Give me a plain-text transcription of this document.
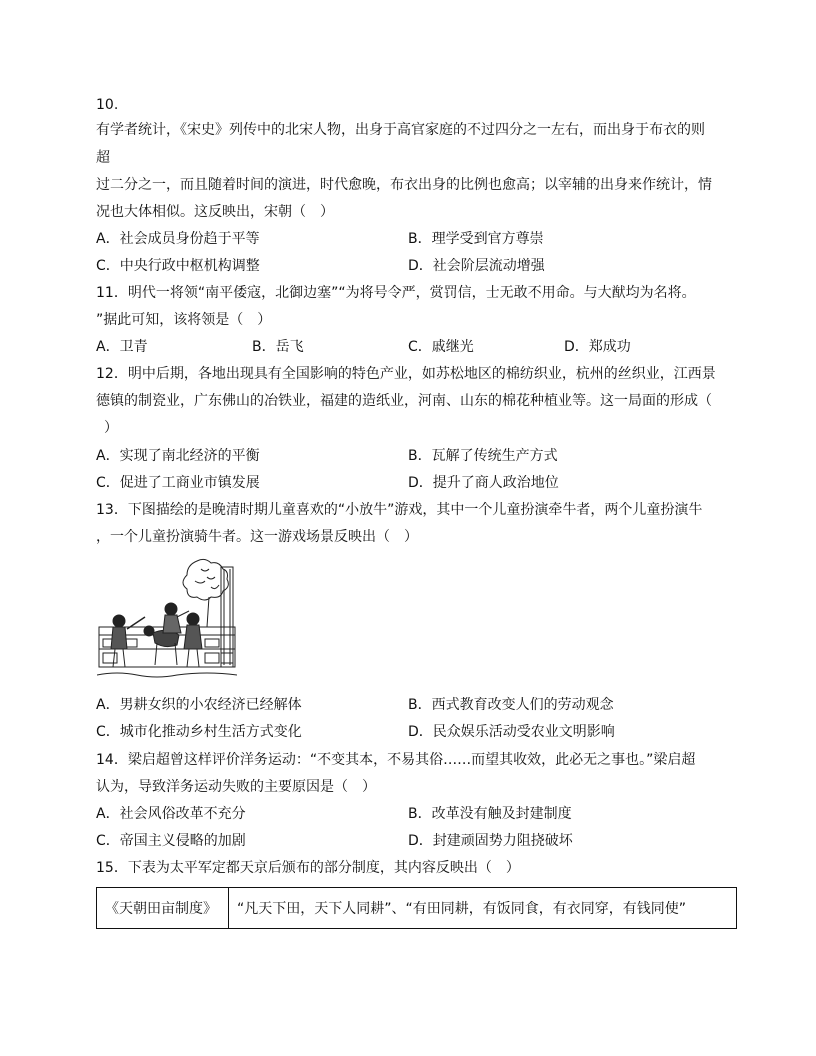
10.
有学者统计，《宋史》列传中的北宋人物，出身于高官家庭的不过四分之一左右，而出身于布衣的则
超
过二分之一，而且随着时间的演进，时代愈晚，布衣出身的比例也愈高；以宰辅的出身来作统计，情
况也大体相似。这反映出，宋朝（　）
A．社会成员身份趋于平等	B．理学受到官方尊崇
C．中央行政中枢机构调整	D．社会阶层流动增强
11．明代一将领“南平倭寇，北御边塞”“为将号令严，赏罚信，士无敢不用命。与大猷均为名将。
”据此可知，该将领是（　）
A．卫青	B．岳飞	C．戚继光	D．郑成功
12．明中后期，各地出现具有全国影响的特色产业，如苏松地区的棉纺织业，杭州的丝织业，江西景
德镇的制瓷业，广东佛山的冶铁业，福建的造纸业，河南、山东的棉花种植业等。这一局面的形成（
）
A．实现了南北经济的平衡	B．瓦解了传统生产方式
C．促进了工商业市镇发展	D．提升了商人政治地位
13．下图描绘的是晚清时期儿童喜欢的“小放牛”游戏，其中一个儿童扮演牵牛者，两个儿童扮演牛
，一个儿童扮演骑牛者。这一游戏场景反映出（　）
A．男耕女织的小农经济已经解体	B．西式教育改变人们的劳动观念
C．城市化推动乡村生活方式变化	D．民众娱乐活动受农业文明影响
14．梁启超曾这样评价洋务运动：“不变其本，不易其俗……而望其收效，此必无之事也。”梁启超
认为，导致洋务运动失败的主要原因是（　）
A．社会风俗改革不充分	B．改革没有触及封建制度
C．帝国主义侵略的加剧	D．封建顽固势力阻挠破坏
15．下表为太平军定都天京后颁布的部分制度，其内容反映出（　）
《天朝田亩制度》	“凡天下田，天下人同耕”、“有田同耕，有饭同食，有衣同穿，有钱同使”
